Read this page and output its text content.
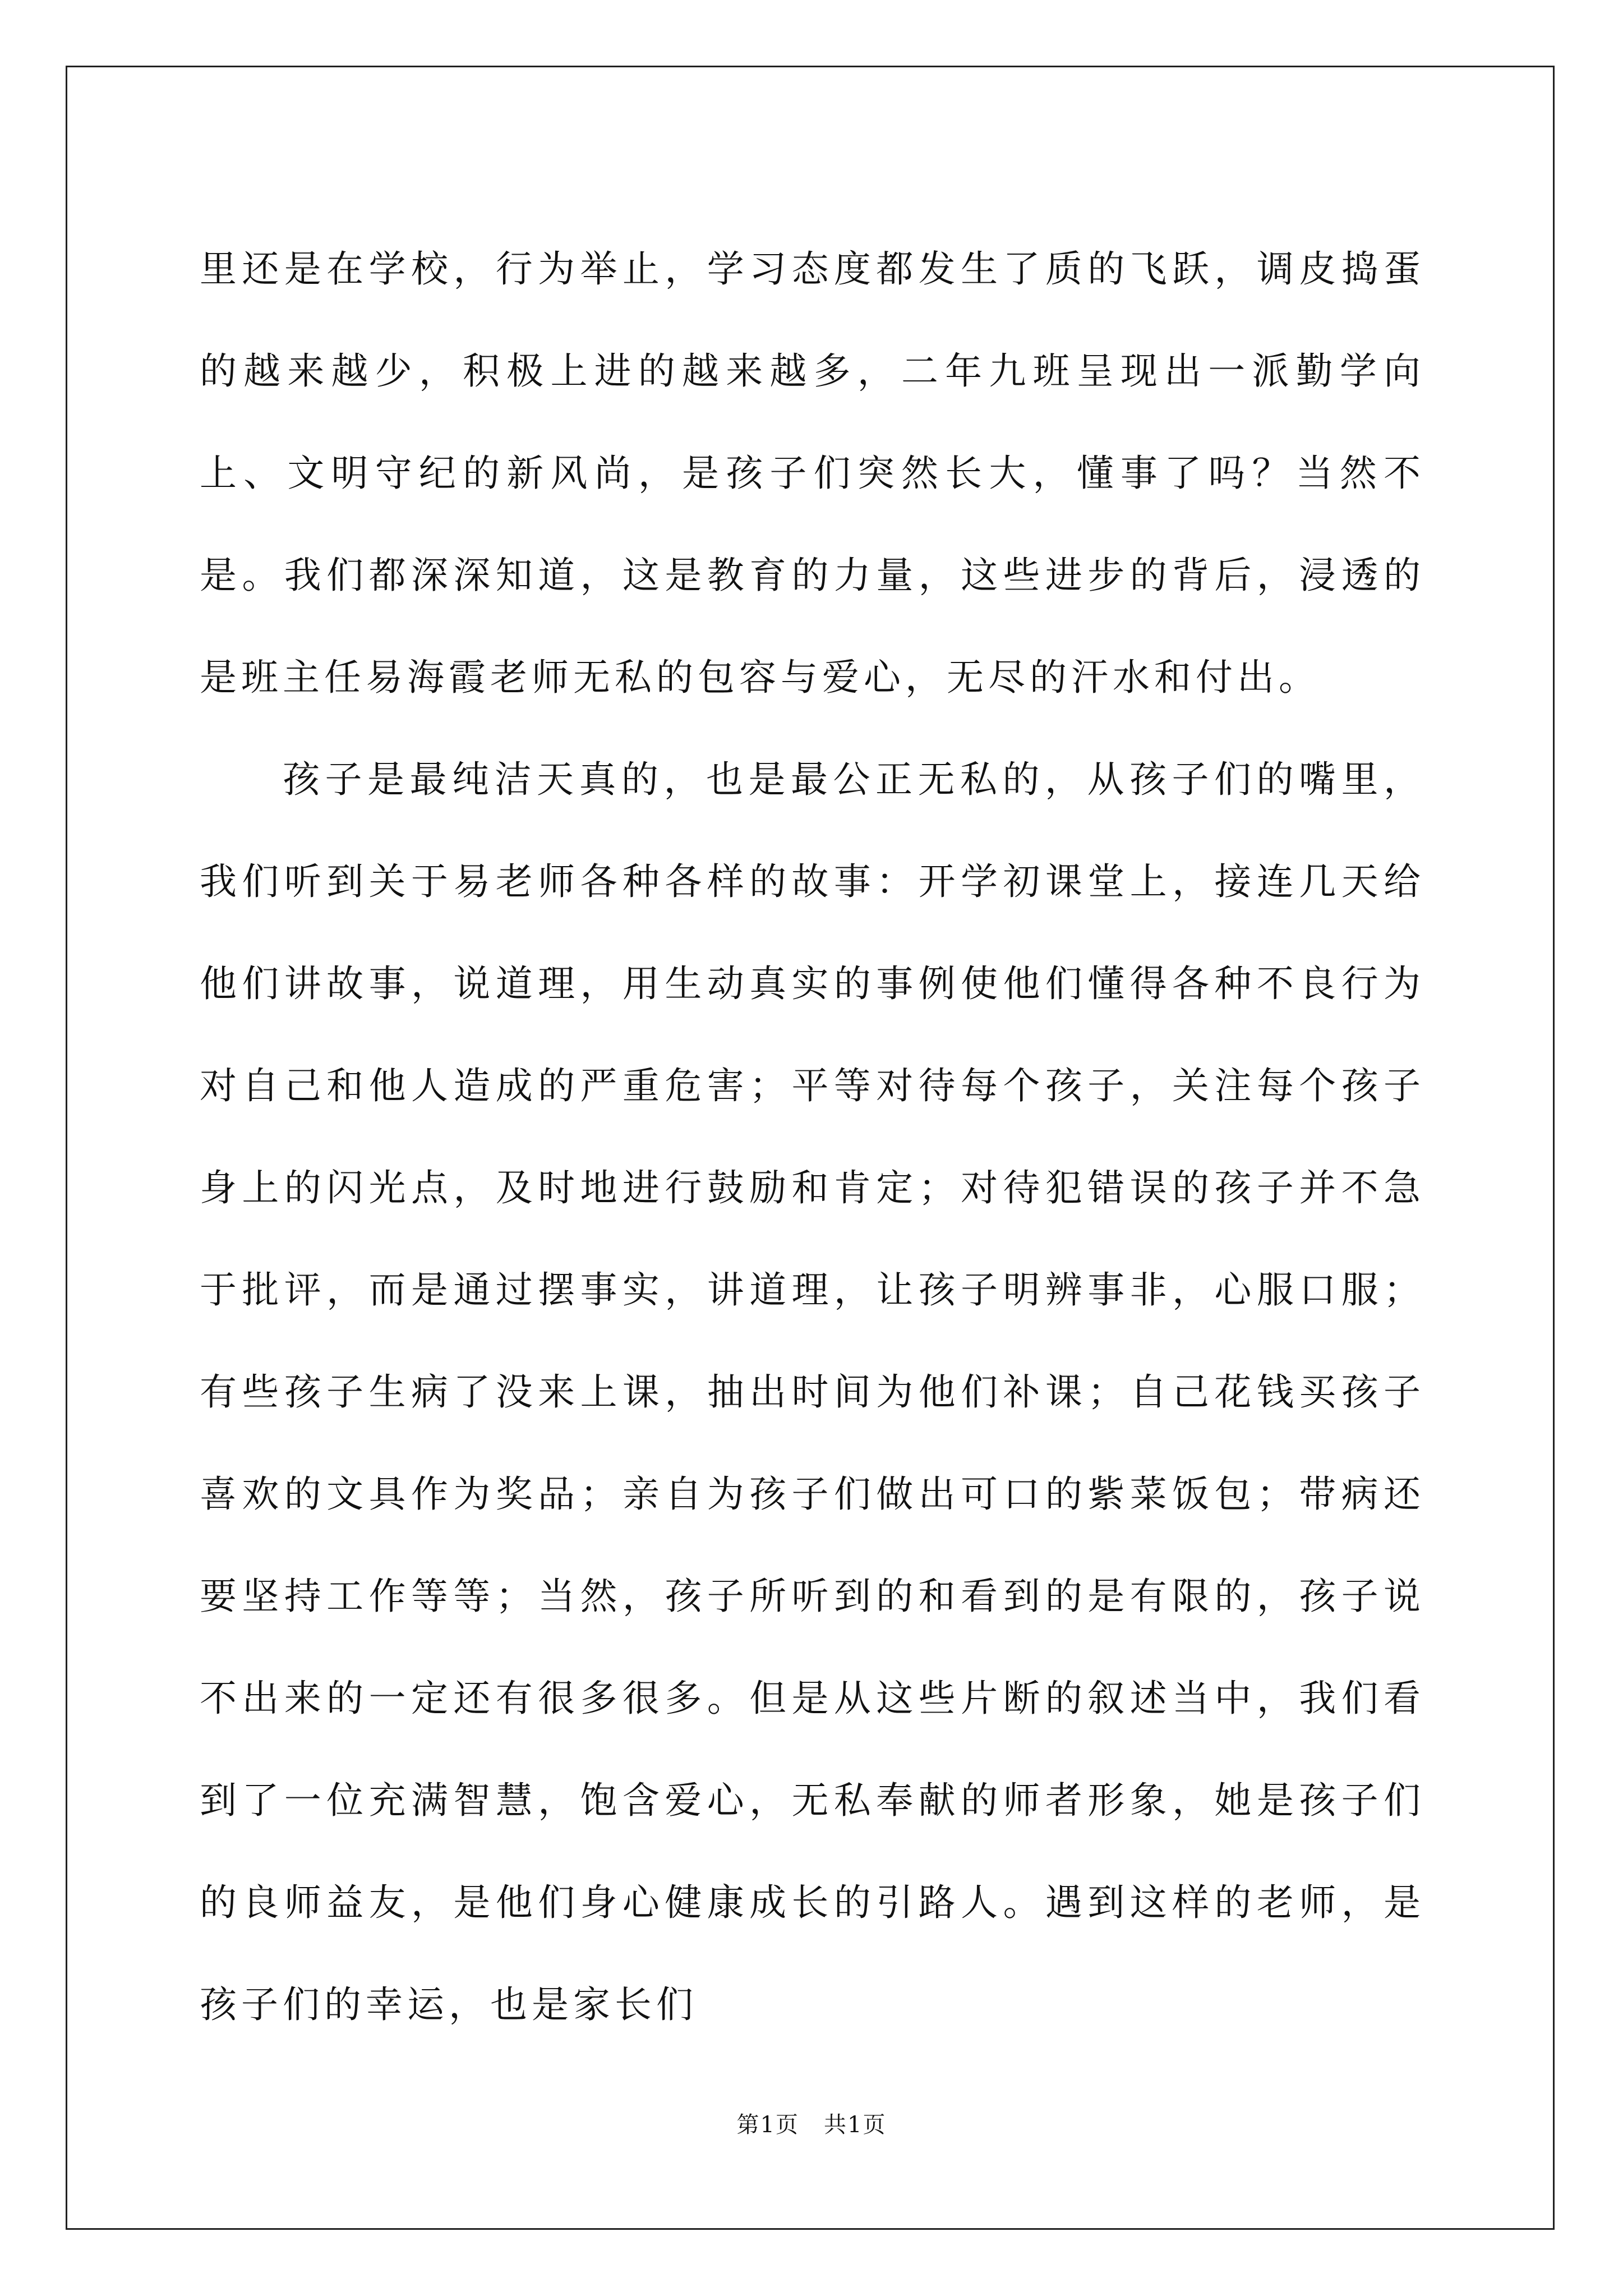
里还是在学校，行为举止，学习态度都发生了质的飞跃，调皮捣蛋的越来越少，积极上进的越来越多，二年九班呈现出一派勤学向上、文明守纪的新风尚，是孩子们突然长大，懂事了吗？当然不是。我们都深深知道，这是教育的力量，这些进步的背后，浸透的是班主任易海霞老师无私的包容与爱心，无尽的汗水和付出。

孩子是最纯洁天真的，也是最公正无私的，从孩子们的嘴里，我们听到关于易老师各种各样的故事：开学初课堂上，接连几天给他们讲故事，说道理，用生动真实的事例使他们懂得各种不良行为对自己和他人造成的严重危害；平等对待每个孩子，关注每个孩子身上的闪光点，及时地进行鼓励和肯定；对待犯错误的孩子并不急于批评，而是通过摆事实，讲道理，让孩子明辨事非，心服口服；有些孩子生病了没来上课，抽出时间为他们补课；自己花钱买孩子喜欢的文具作为奖品；亲自为孩子们做出可口的紫菜饭包；带病还要坚持工作等等；当然，孩子所听到的和看到的是有限的，孩子说不出来的一定还有很多很多。但是从这些片断的叙述当中，我们看到了一位充满智慧，饱含爱心，无私奉献的师者形象，她是孩子们的良师益友，是他们身心健康成长的引路人。遇到这样的老师，是孩子们的幸运，也是家长们

第1页 共1页
